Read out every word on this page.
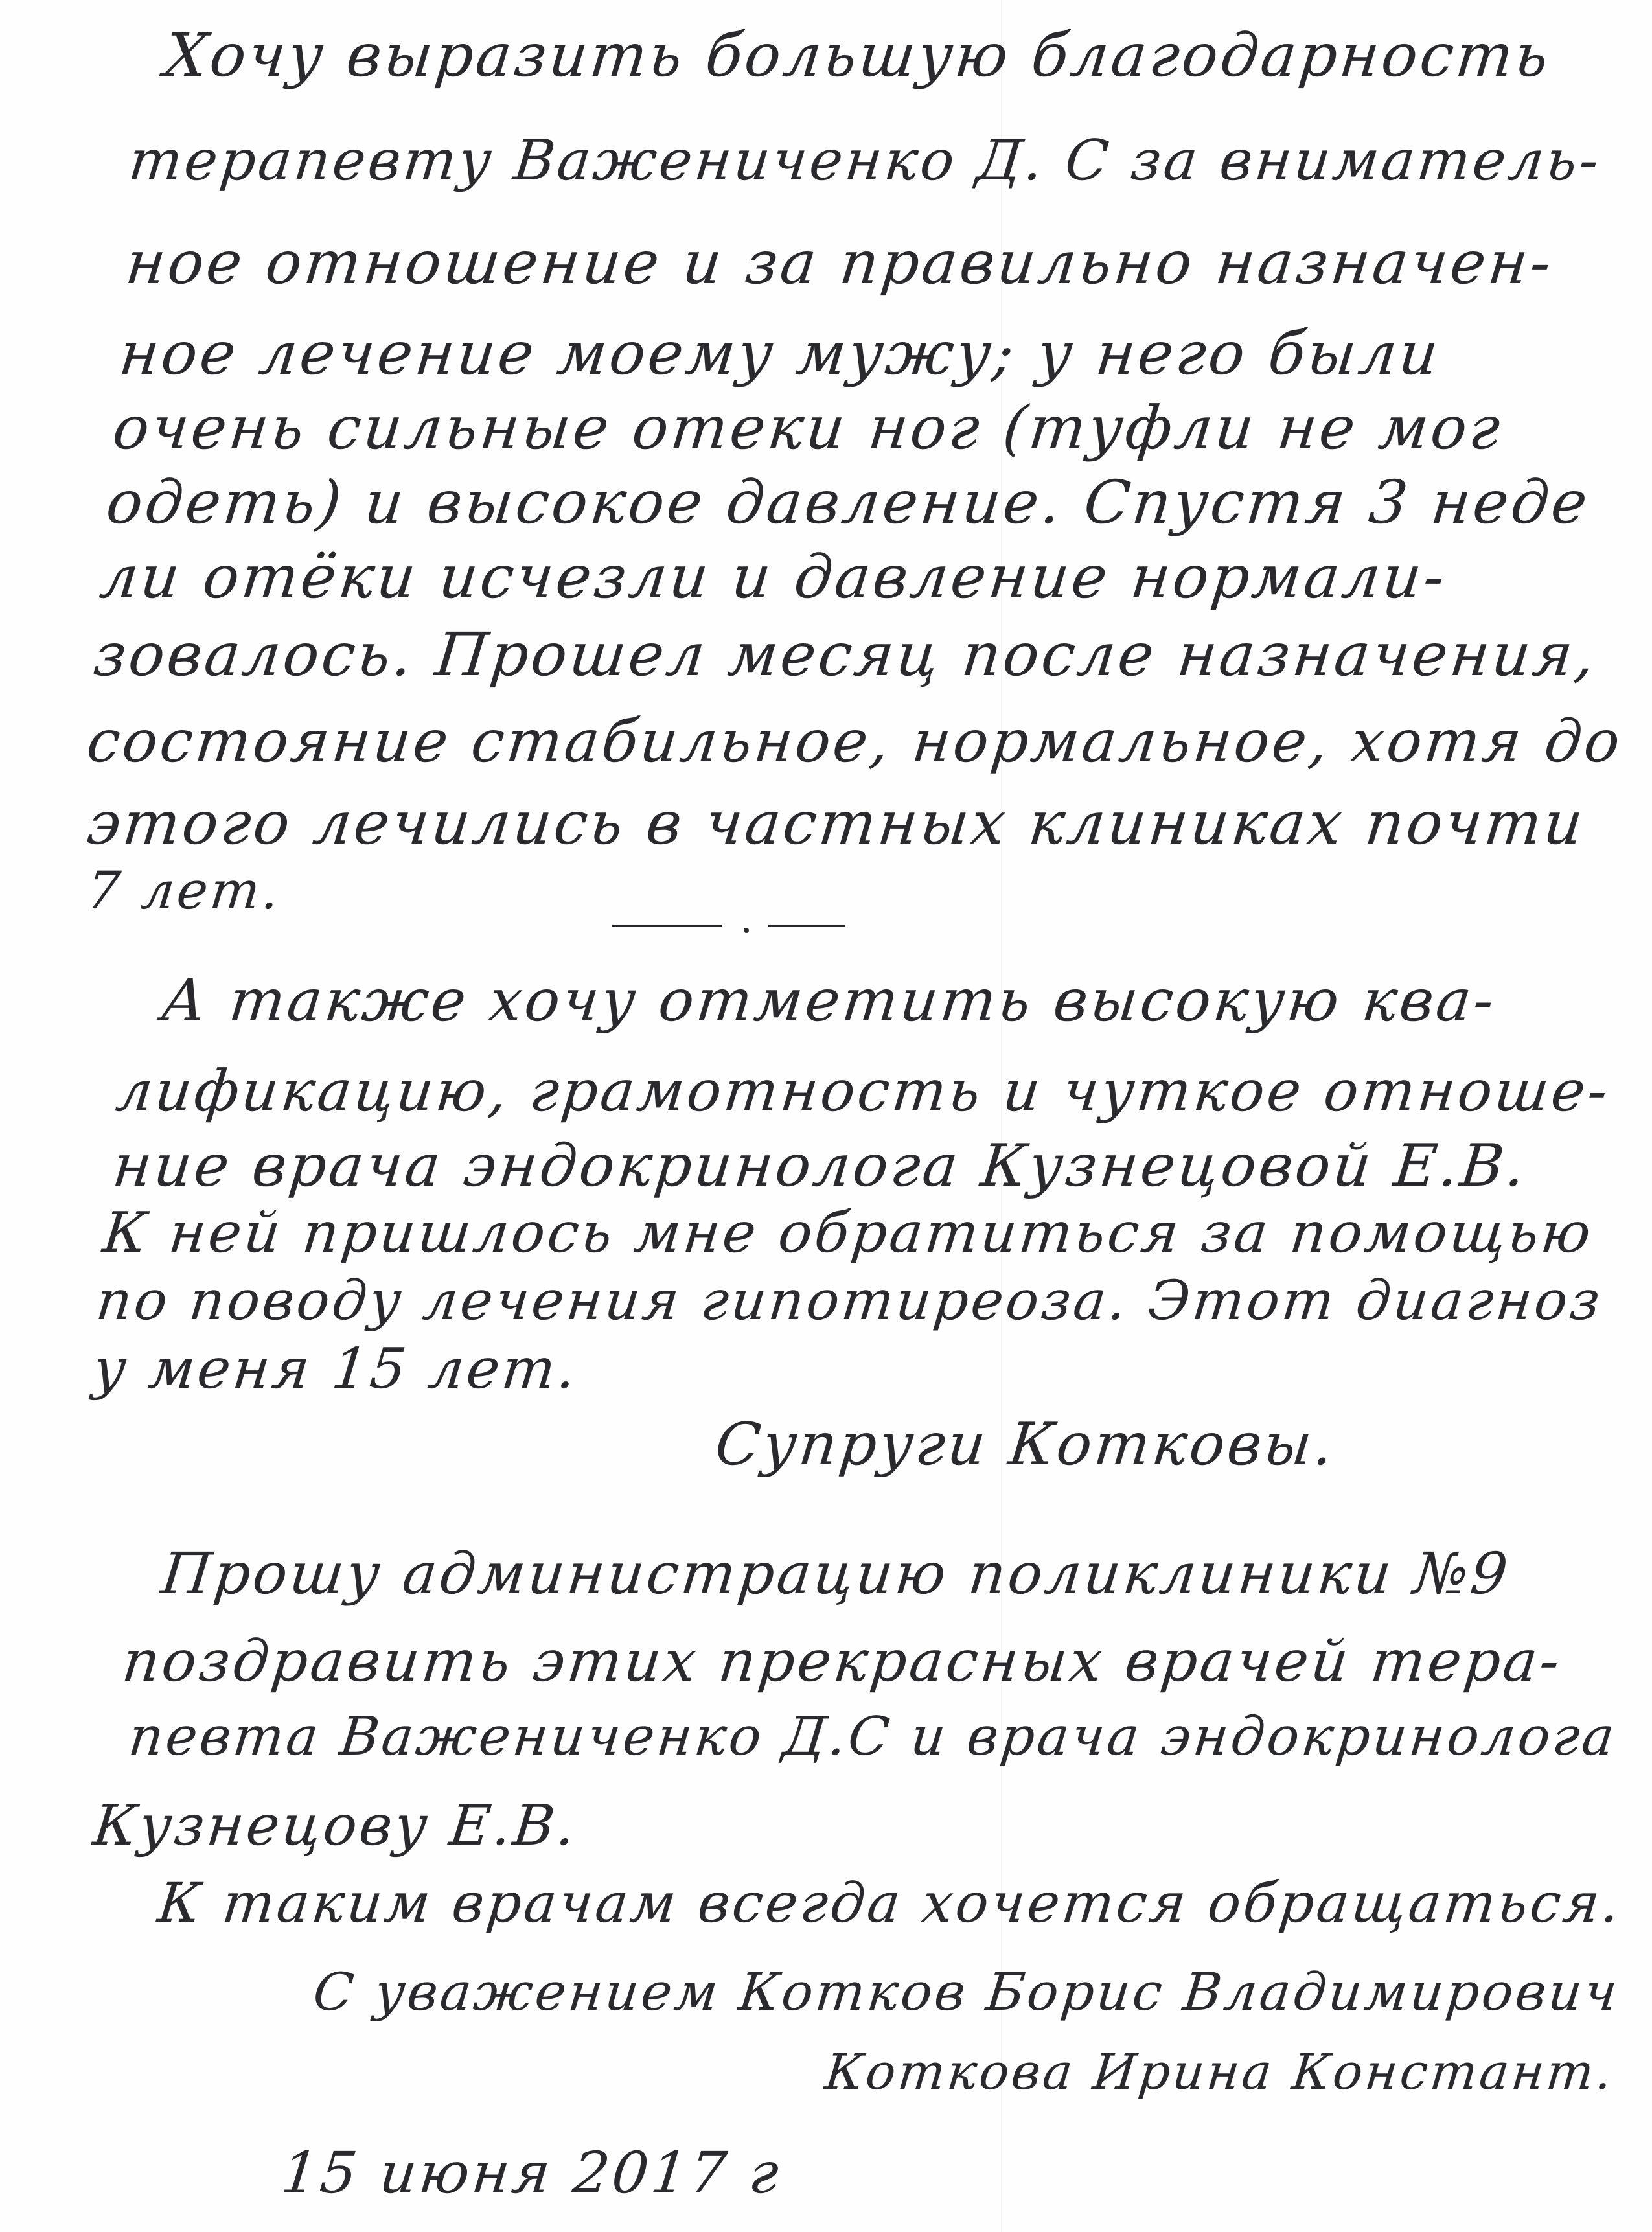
Хочу выразить большую благодарность
терапевту Важениченко Д. С за вниматель-
ное отношение и за правильно назначен-
ное лечение моему мужу; у него были
очень сильные отеки ног (туфли не мог
одеть) и высокое давление. Спустя 3 неде
ли отёки исчезли и давление нормали-
зовалось. Прошел месяц после назначения,
состояние стабильное, нормальное, хотя до
этого лечились в частных клиниках почти
7 лет.
А также хочу отметить высокую ква-
лификацию, грамотность и чуткое отноше-
ние врача эндокринолога Кузнецовой Е.В.
К ней пришлось мне обратиться за помощью
по поводу лечения гипотиреоза. Этот диагноз
у меня 15 лет.
Супруги Котковы.
Прошу администрацию поликлиники №9
поздравить этих прекрасных врачей тера-
певта Важениченко Д.С и врача эндокринолога
Кузнецову Е.В.
К таким врачам всегда хочется обращаться.
С уважением Котков Борис Владимирович
Коткова Ирина Констант.
15 июня 2017 г
